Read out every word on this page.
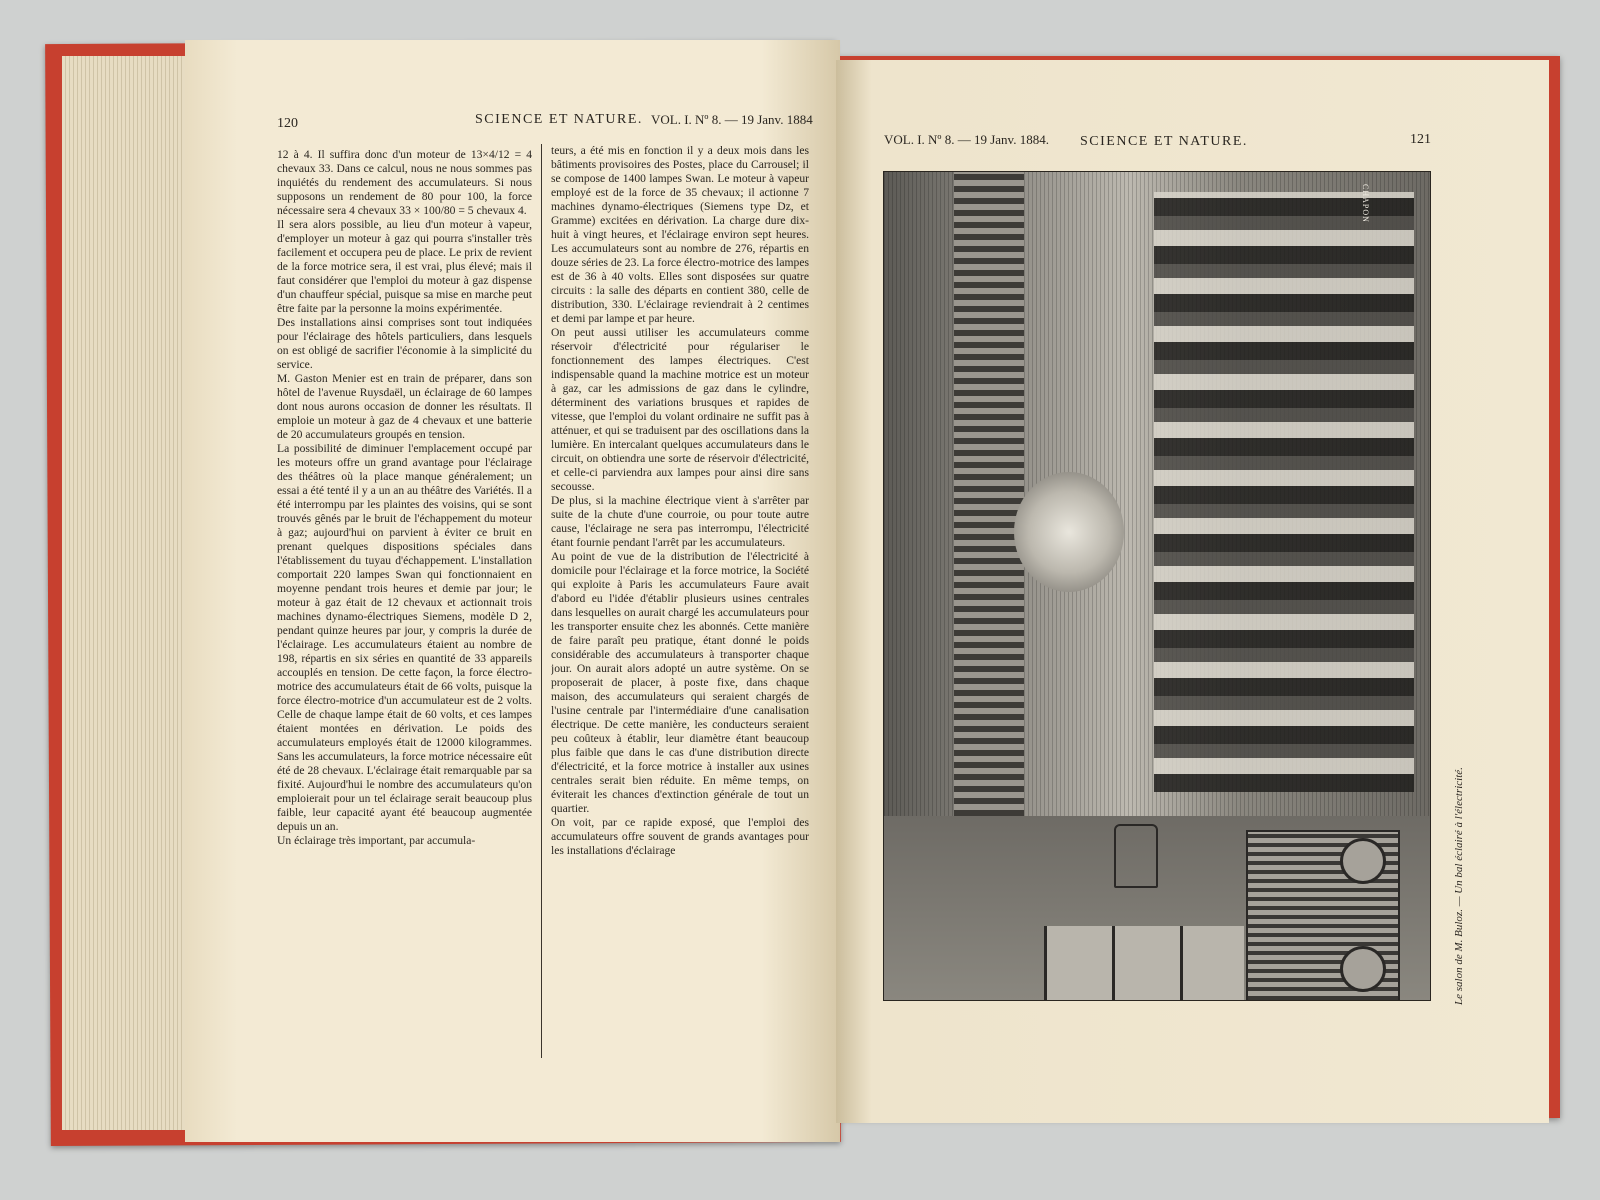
120	SCIENCE ET NATURE. VOL. I. Nº 8. — 19 Janv. 1884
12 à 4. Il suffira donc d'un moteur de 13×4/12 = 4 chevaux 33. Dans ce calcul, nous ne nous sommes pas inquiétés du rendement des accumulateurs. Si nous supposons un rendement de 80 pour 100, la force nécessaire sera 4 chevaux 33 × 100/80 = 5 chevaux 4.
Il sera alors possible, au lieu d'un moteur à vapeur, d'employer un moteur à gaz qui pourra s'installer très facilement et occupera peu de place. Le prix de revient de la force motrice sera, il est vrai, plus élevé; mais il faut considérer que l'emploi du moteur à gaz dispense d'un chauffeur spécial, puisque sa mise en marche peut être faite par la personne la moins expérimentée.
Des installations ainsi comprises sont tout indiquées pour l'éclairage des hôtels particuliers, dans lesquels on est obligé de sacrifier l'économie à la simplicité du service.
M. Gaston Menier est en train de préparer, dans son hôtel de l'avenue Ruysdaël, un éclairage de 60 lampes dont nous aurons occasion de donner les résultats. Il emploie un moteur à gaz de 4 chevaux et une batterie de 20 accumulateurs groupés en tension.
La possibilité de diminuer l'emplacement occupé par les moteurs offre un grand avantage pour l'éclairage des théâtres où la place manque généralement; un essai a été tenté il y a un an au théâtre des Variétés. Il a été interrompu par les plaintes des voisins, qui se sont trouvés gênés par le bruit de l'échappement du moteur à gaz; aujourd'hui on parvient à éviter ce bruit en prenant quelques dispositions spéciales dans l'établissement du tuyau d'échappement. L'installation comportait 220 lampes Swan qui fonctionnaient en moyenne pendant trois heures et demie par jour; le moteur à gaz était de 12 chevaux et actionnait trois machines dynamo-électriques Siemens, modèle D 2, pendant quinze heures par jour, y compris la durée de l'éclairage. Les accumulateurs étaient au nombre de 198, répartis en six séries en quantité de 33 appareils accouplés en tension. De cette façon, la force électro-motrice des accumulateurs était de 66 volts, puisque la force électro-motrice d'un accumulateur est de 2 volts. Celle de chaque lampe était de 60 volts, et ces lampes étaient montées en dérivation. Le poids des accumulateurs employés était de 12000 kilogrammes. Sans les accumulateurs, la force motrice nécessaire eût été de 28 chevaux. L'éclairage était remarquable par sa fixité. Aujourd'hui le nombre des accumulateurs qu'on emploierait pour un tel éclairage serait beaucoup plus faible, leur capacité ayant été beaucoup augmentée depuis un an.
Un éclairage très important, par accumula-
teurs, a été mis en fonction il y a deux mois dans les bâtiments provisoires des Postes, place du Carrousel; il se compose de 1400 lampes Swan. Le moteur à vapeur employé est de la force de 35 chevaux; il actionne 7 machines dynamo-électriques (Siemens type Dz, et Gramme) excitées en dérivation. La charge dure dix-huit à vingt heures, et l'éclairage environ sept heures. Les accumulateurs sont au nombre de 276, répartis en douze séries de 23. La force électro-motrice des lampes est de 36 à 40 volts. Elles sont disposées sur quatre circuits : la salle des départs en contient 380, celle de distribution, 330. L'éclairage reviendrait à 2 centimes et demi par lampe et par heure.
On peut aussi utiliser les accumulateurs comme réservoir d'électricité pour régulariser le fonctionnement des lampes électriques. C'est indispensable quand la machine motrice est un moteur à gaz, car les admissions de gaz dans le cylindre, déterminent des variations brusques et rapides de vitesse, que l'emploi du volant ordinaire ne suffit pas à atténuer, et qui se traduisent par des oscillations dans la lumière. En intercalant quelques accumulateurs dans le circuit, on obtiendra une sorte de réservoir d'électricité, et celle-ci parviendra aux lampes pour ainsi dire sans secousse.
De plus, si la machine électrique vient à s'arrêter par suite de la chute d'une courroie, ou pour toute autre cause, l'éclairage ne sera pas interrompu, l'électricité étant fournie pendant l'arrêt par les accumulateurs.
Au point de vue de la distribution de l'électricité à domicile pour l'éclairage et la force motrice, la Société qui exploite à Paris les accumulateurs Faure avait d'abord eu l'idée d'établir plusieurs usines centrales dans lesquelles on aurait chargé les accumulateurs pour les transporter ensuite chez les abonnés. Cette manière de faire paraît peu pratique, étant donné le poids considérable des accumulateurs à transporter chaque jour. On aurait alors adopté un autre système. On se proposerait de placer, à poste fixe, dans chaque maison, des accumulateurs qui seraient chargés de l'usine centrale par l'intermédiaire d'une canalisation électrique. De cette manière, les conducteurs seraient peu coûteux à établir, leur diamètre étant beaucoup plus faible que dans le cas d'une distribution directe d'électricité, et la force motrice à installer aux usines centrales serait bien réduite. En même temps, on éviterait les chances d'extinction générale de tout un quartier.
On voit, par ce rapide exposé, que l'emploi des accumulateurs offre souvent de grands avantages pour les installations d'éclairage
VOL. I. Nº 8. — 19 Janv. 1884. SCIENCE ET NATURE.	121
CHAPON
Le salon de M. Buloz. — Un bal éclairé à l'électricité.
